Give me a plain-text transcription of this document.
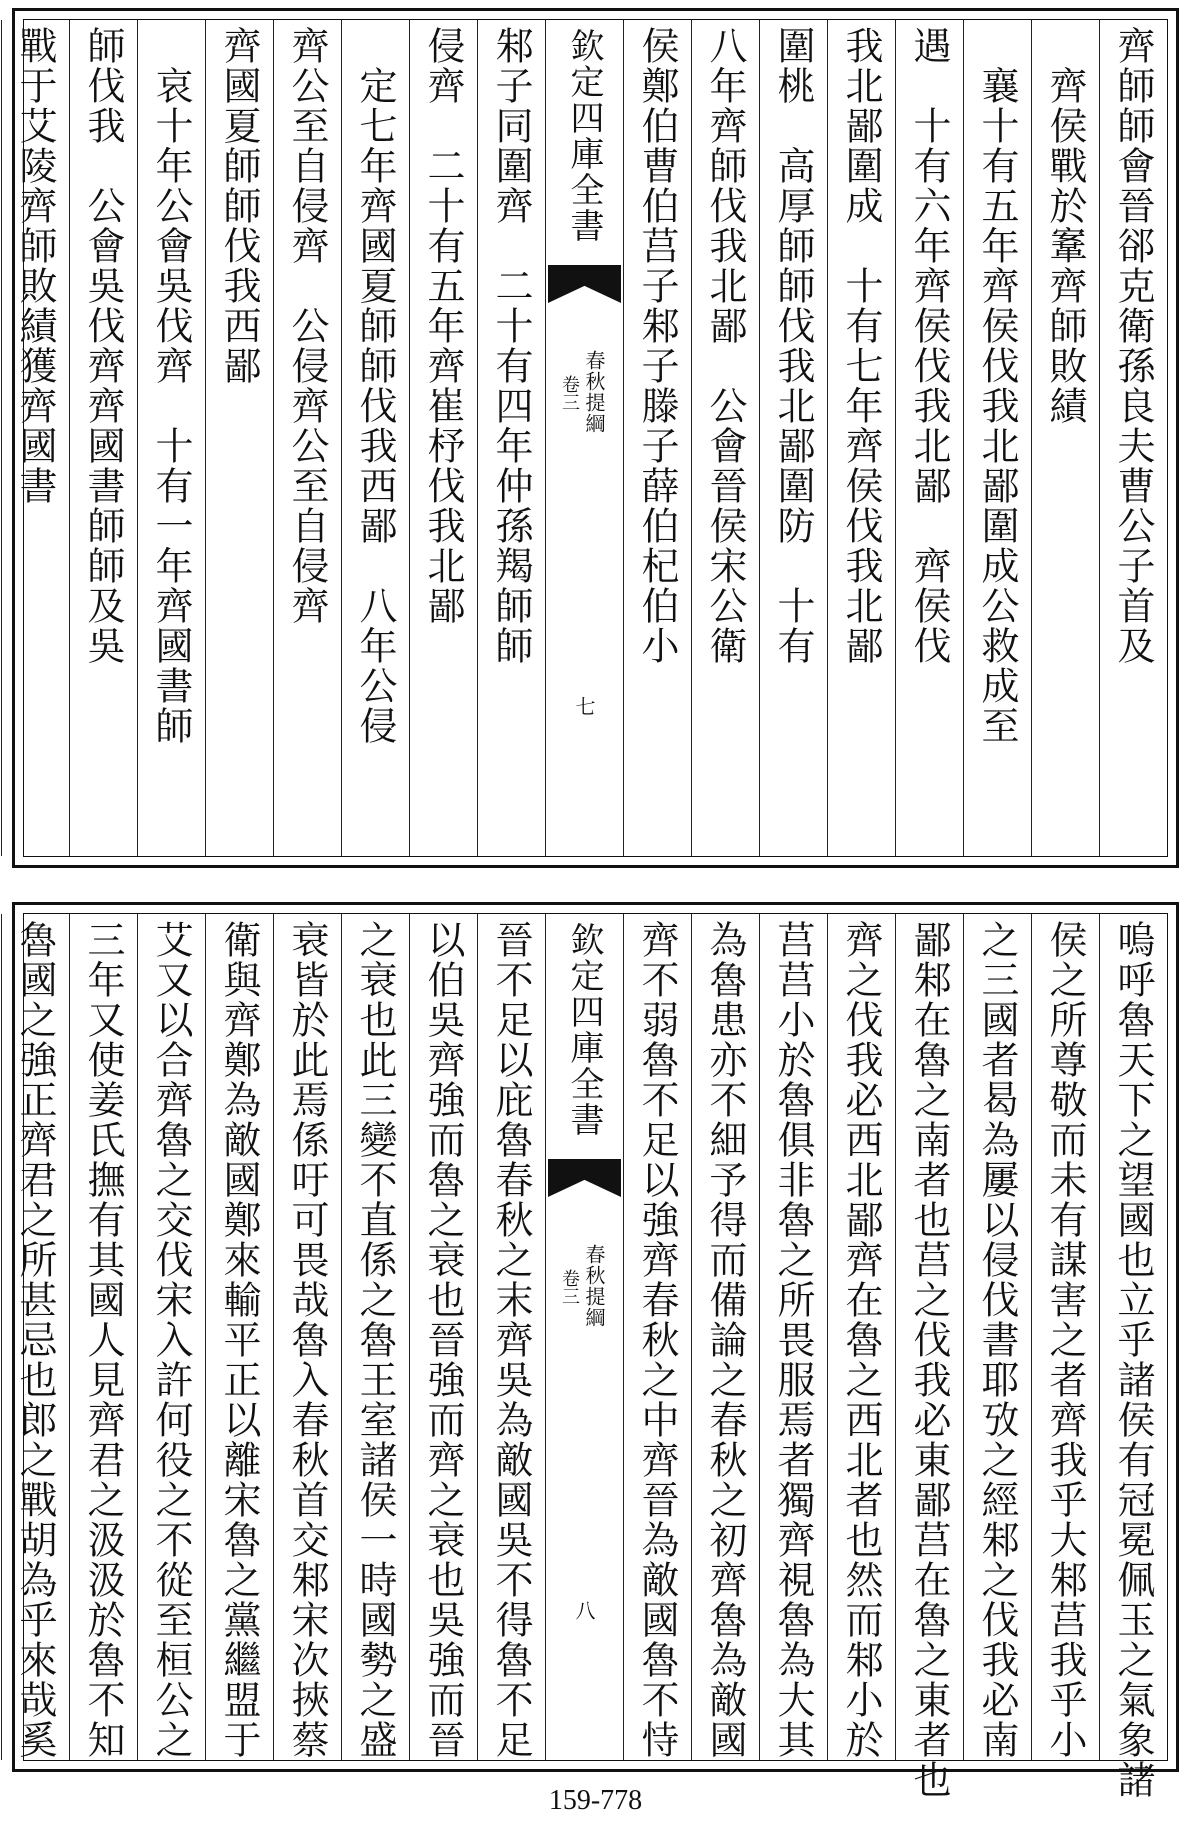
齊師師會晉郤克衛孫良夫曹公子首及
　齊侯戰於鞌齊師敗績
　襄十有五年齊侯伐我北鄙圍成公救成至
遇　十有六年齊侯伐我北鄙　齊侯伐
我北鄙圍成　十有七年齊侯伐我北鄙
圍桃　高厚師師伐我北鄙圍防　十有
八年齊師伐我北鄙　公會晉侯宋公衛
侯鄭伯曹伯莒子邾子滕子薛伯杞伯小
欽定四庫全書
春秋提綱
卷三
七
邾子同圍齊　二十有四年仲孫羯師師
侵齊　二十有五年齊崔杼伐我北鄙
　定七年齊國夏師師伐我西鄙　八年公侵
齊公至自侵齊　公侵齊公至自侵齊
齊國夏師師伐我西鄙
　哀十年公會吳伐齊　十有一年齊國書師
師伐我　公會吳伐齊齊國書師師及吳
戰于艾陵齊師敗績獲齊國書
嗚呼魯天下之望國也立乎諸侯有冠冕佩玉之氣象諸
侯之所尊敬而未有謀害之者齊我乎大邾莒我乎小
之三國者曷為屢以侵伐書耶攷之經邾之伐我必南
鄙邾在魯之南者也莒之伐我必東鄙莒在魯之東者也
齊之伐我必西北鄙齊在魯之西北者也然而邾小於
莒莒小於魯俱非魯之所畏服焉者獨齊視魯為大其
為魯患亦不細予得而備論之春秋之初齊魯為敵國
齊不弱魯不足以強齊春秋之中齊晉為敵國魯不恃
欽定四庫全書
春秋提綱
卷三
八
晉不足以庇魯春秋之末齊吳為敵國吳不得魯不足
以伯吳齊強而魯之衰也晉強而齊之衰也吳強而晉
之衰也此三變不直係之魯王室諸侯一時國勢之盛
衰皆於此焉係吁可畏哉魯入春秋首交邾宋次挾蔡
衛與齊鄭為敵國鄭來輸平正以離宋魯之黨繼盟于
艾又以合齊魯之交伐宋入許何役之不從至桓公之
三年又使姜氏撫有其國人見齊君之汲汲於魯不知
魯國之強正齊君之所甚忌也郎之戰胡為乎來哉奚
159-778
